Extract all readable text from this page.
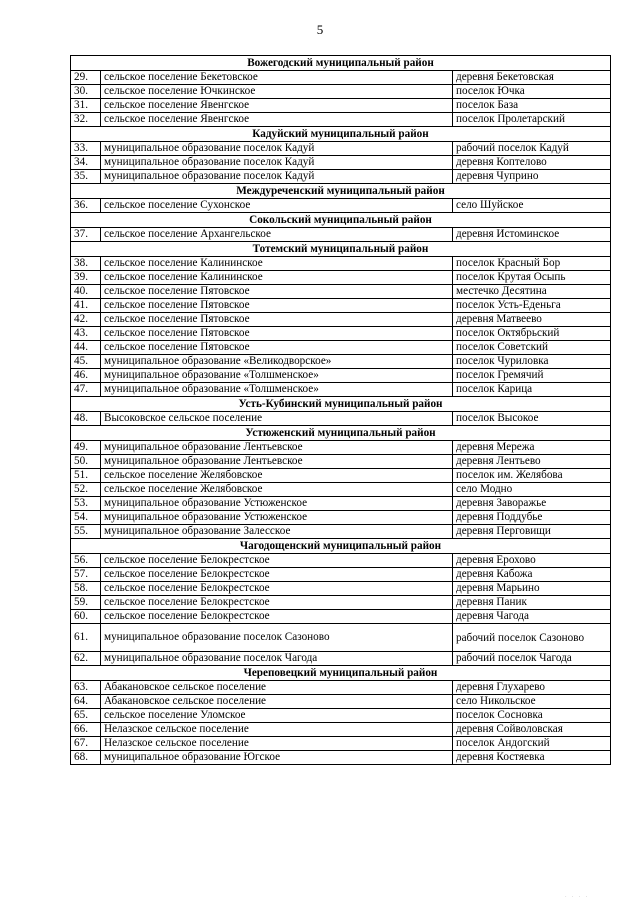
5
Вожегодский муниципальный район		
29.	сельское поселение Бекетовское	деревня Бекетовская
30.	сельское поселение Ючкинское	поселок Ючка
31.	сельское поселение Явенгское	поселок База
32.	сельское поселение Явенгское	поселок Пролетарский
Кадуйский муниципальный район		
33.	муниципальное образование поселок Кадуй	рабочий поселок Кадуй
34.	муниципальное образование поселок Кадуй	деревня Коптелово
35.	муниципальное образование поселок Кадуй	деревня Чуприно
Междуреченский муниципальный район		
36.	сельское поселение Сухонское	село Шуйское
Сокольский муниципальный район		
37.	сельское поселение Архангельское	деревня Истоминское
Тотемский муниципальный район		
38.	сельское поселение Калининское	поселок Красный Бор
39.	сельское поселение Калининское	поселок Крутая Осыпь
40.	сельское поселение Пятовское	местечко Десятина
41.	сельское поселение Пятовское	поселок Усть-Еденьга
42.	сельское поселение Пятовское	деревня Матвеево
43.	сельское поселение Пятовское	поселок Октябрьский
44.	сельское поселение Пятовское	поселок Советский
45.	муниципальное образование «Великодворское»	поселок Чуриловка
46.	муниципальное образование «Толшменское»	поселок Гремячий
47.	муниципальное образование «Толшменское»	поселок Карица
Усть-Кубинский муниципальный район		
48.	Высоковское сельское поселение	поселок Высокое
Устюженский муниципальный район		
49.	муниципальное образование Лентьевское	деревня Мережа
50.	муниципальное образование Лентьевское	деревня Лентьево
51.	сельское поселение Желябовское	поселок им. Желябова
52.	сельское поселение Желябовское	село Модно
53.	муниципальное образование Устюженское	деревня Заворажье
54.	муниципальное образование Устюженское	деревня Поддубье
55.	муниципальное образование Залесское	деревня Перговищи
Чагодощенский муниципальный район		
56.	сельское поселение Белокрестское	деревня Ерохово
57.	сельское поселение Белокрестское	деревня Кабожа
58.	сельское поселение Белокрестское	деревня Марьино
59.	сельское поселение Белокрестское	деревня Паник
60.	сельское поселение Белокрестское	деревня Чагода
61.	муниципальное образование поселок Сазоново	рабочий поселок Сазоново
62.	муниципальное образование поселок Чагода	рабочий поселок Чагода
Череповецкий муниципальный район		
63.	Абакановское сельское поселение	деревня Глухарево
64.	Абакановское сельское поселение	село Никольское
65.	сельское поселение Уломское	поселок Сосновка
66.	Нелазское сельское поселение	деревня Сойволовская
67.	Нелазское сельское поселение	поселок Андогский
68.	муниципальное образование Югское	деревня Костяевка
· · · ·
